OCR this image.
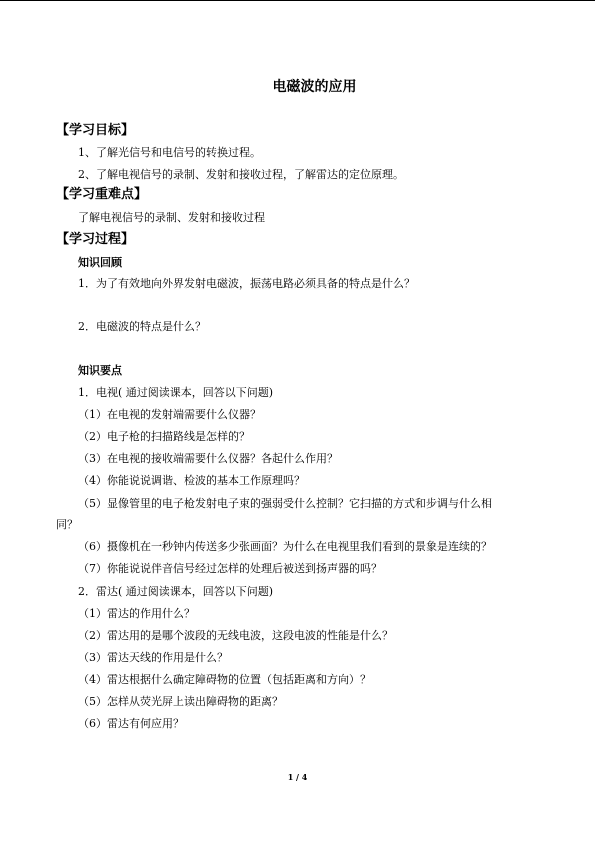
电磁波的应用
【学习目标】
1、了解光信号和电信号的转换过程。
2、了解电视信号的录制、发射和接收过程，了解雷达的定位原理。
【学习重难点】
了解电视信号的录制、发射和接收过程
【学习过程】
知识回顾
1．为了有效地向外界发射电磁波，振荡电路必须具备的特点是什么？
2．电磁波的特点是什么？
知识要点
1．电视( 通过阅读课本，回答以下问题)
（1）在电视的发射端需要什么仪器？
（2）电子枪的扫描路线是怎样的？
（3）在电视的接收端需要什么仪器？各起什么作用？
（4）你能说说调谐、检波的基本工作原理吗？
（5）显像管里的电子枪发射电子束的强弱受什么控制？它扫描的方式和步调与什么相
同？
（6）摄像机在一秒钟内传送多少张画面？为什么在电视里我们看到的景象是连续的？
（7）你能说说伴音信号经过怎样的处理后被送到扬声器的吗？
2．雷达( 通过阅读课本，回答以下问题)
（1）雷达的作用什么？
（2）雷达用的是哪个波段的无线电波，这段电波的性能是什么？
（3）雷达天线的作用是什么？
（4）雷达根据什么确定障碍物的位置（包括距离和方向）？
（5）怎样从荧光屏上读出障碍物的距离？
（6）雷达有何应用？
1 / 4
